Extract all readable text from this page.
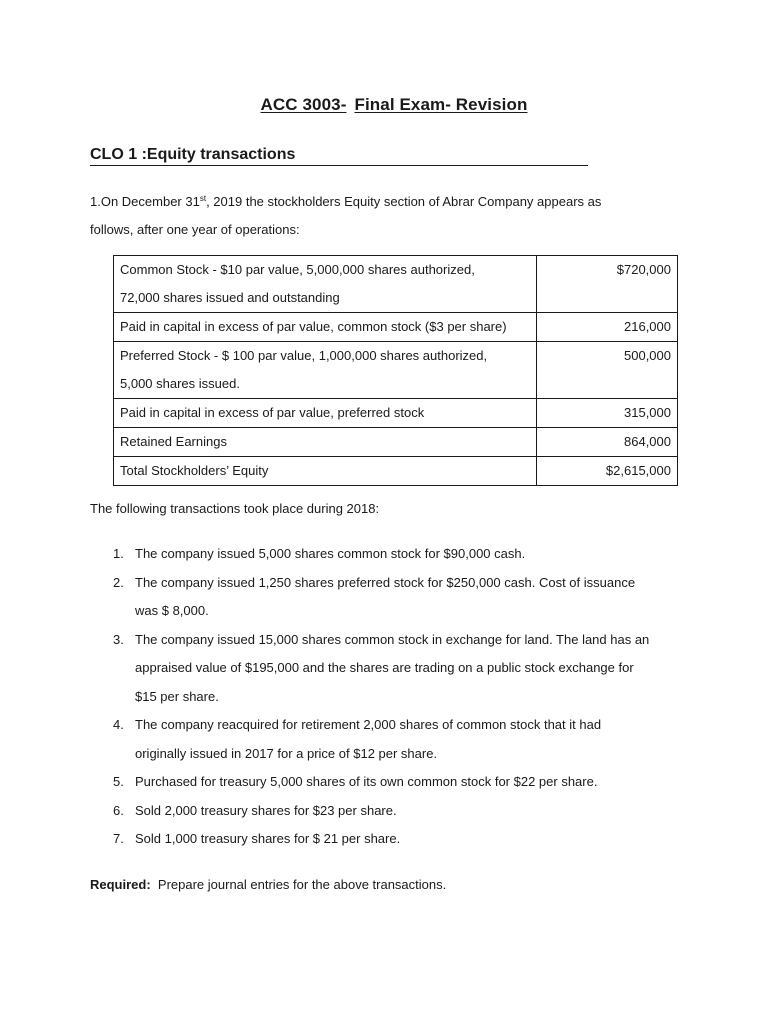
ACC 3003- Final Exam- Revision
CLO 1 :Equity transactions
1.On December 31st, 2019 the stockholders Equity section of Abrar Company appears as
follows, after one year of operations:
Common Stock - $10 par value, 5,000,000 shares authorized,
72,000 shares issued and outstanding	$720,000

Paid in capital in excess of par value, common stock ($3 per share)	216,000

Preferred Stock - $ 100 par value, 1,000,000 shares authorized,
5,000 shares issued.	500,000

Paid in capital in excess of par value, preferred stock	315,000

Retained Earnings	864,000

Total Stockholders’ Equity	$2,615,000
The following transactions took place during 2018:
1. The company issued 5,000 shares common stock for $90,000 cash.
2. The company issued 1,250 shares preferred stock for $250,000 cash. Cost of issuance
was $ 8,000.
3. The company issued 15,000 shares common stock in exchange for land. The land has an
appraised value of $195,000 and the shares are trading on a public stock exchange for
$15 per share.
4. The company reacquired for retirement 2,000 shares of common stock that it had
originally issued in 2017 for a price of $12 per share.
5. Purchased for treasury 5,000 shares of its own common stock for $22 per share.
6. Sold 2,000 treasury shares for $23 per share.
7. Sold 1,000 treasury shares for $ 21 per share.
Required: Prepare journal entries for the above transactions.
